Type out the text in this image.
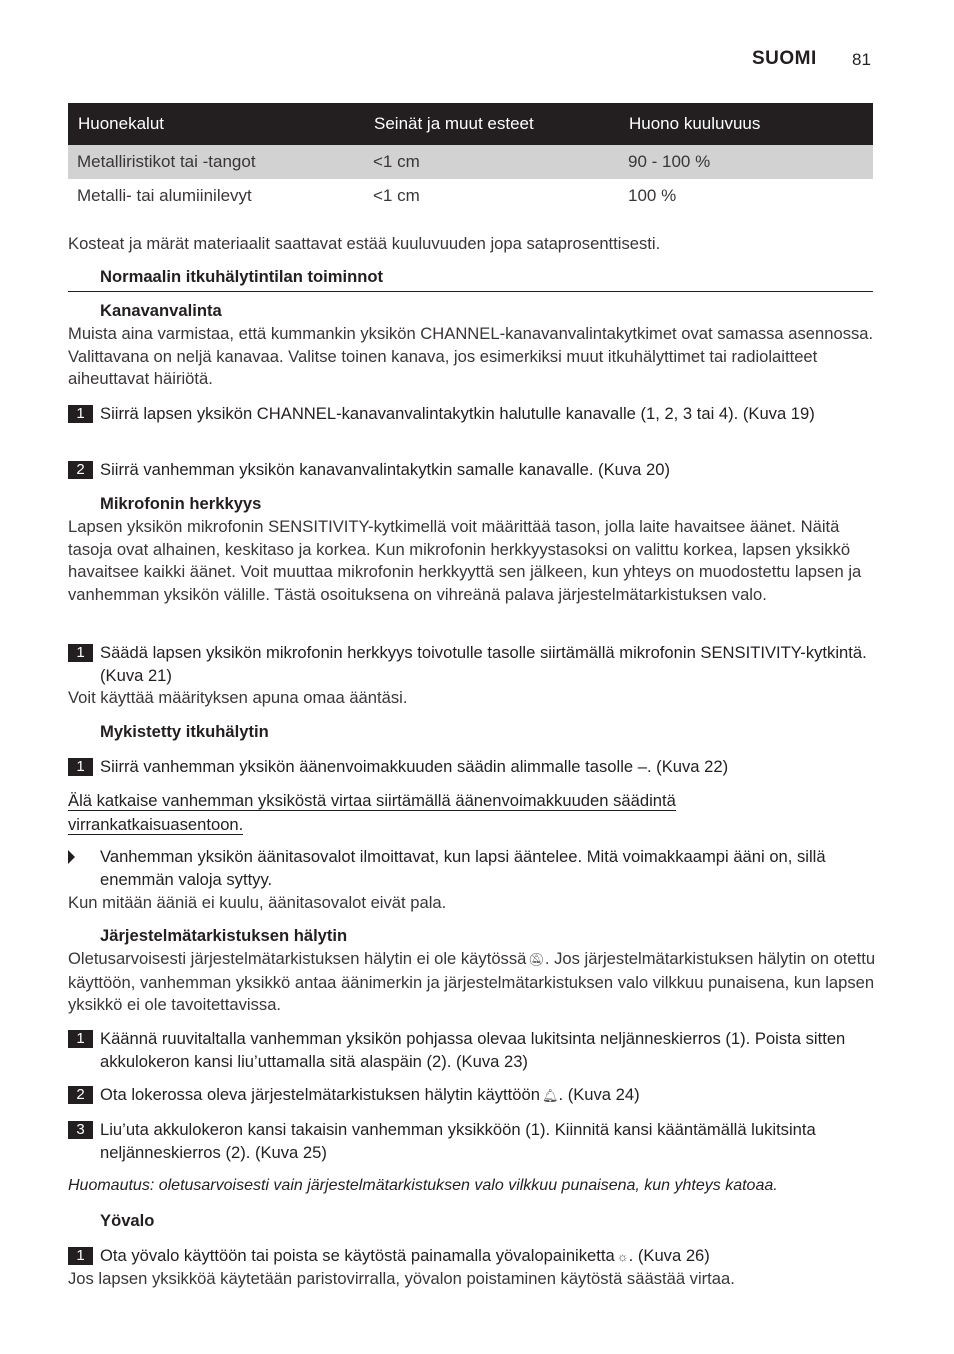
SUOMI 81
Huonekalut	Seinät ja muut esteet	Huono kuuluvuus
Metalliristikot tai -tangot	<1 cm	90 - 100 %
Metalli- tai alumiinilevyt	<1 cm	100 %
Kosteat ja märät materiaalit saattavat estää kuuluvuuden jopa sataprosenttisesti.
Normaalin itkuhälytintilan toiminnot
Kanavanvalinta
Muista aina varmistaa, että kummankin yksikön CHANNEL-kanavanvalintakytkimet ovat samassa asennossa. Valittavana on neljä kanavaa. Valitse toinen kanava, jos esimerkiksi muut itkuhälyttimet tai radiolaitteet aiheuttavat häiriötä.
1 Siirrä lapsen yksikön CHANNEL-kanavanvalintakytkin halutulle kanavalle (1, 2, 3 tai 4). (Kuva 19)
2 Siirrä vanhemman yksikön kanavanvalintakytkin samalle kanavalle. (Kuva 20)
Mikrofonin herkkyys
Lapsen yksikön mikrofonin SENSITIVITY-kytkimellä voit määrittää tason, jolla laite havaitsee äänet. Näitä tasoja ovat alhainen, keskitaso ja korkea. Kun mikrofonin herkkyystasoksi on valittu korkea, lapsen yksikkö havaitsee kaikki äänet. Voit muuttaa mikrofonin herkkyyttä sen jälkeen, kun yhteys on muodostettu lapsen ja vanhemman yksikön välille. Tästä osoituksena on vihreänä palava järjestelmätarkistuksen valo.
1 Säädä lapsen yksikön mikrofonin herkkyys toivotulle tasolle siirtämällä mikrofonin SENSITIVITY-kytkintä. (Kuva 21)
Voit käyttää määrityksen apuna omaa ääntäsi.
Mykistetty itkuhälytin
1 Siirrä vanhemman yksikön äänenvoimakkuuden säädin alimmalle tasolle –. (Kuva 22)
Älä katkaise vanhemman yksiköstä virtaa siirtämällä äänenvoimakkuuden säädintä virrankatkaisuasentoon.
Vanhemman yksikön äänitasovalot ilmoittavat, kun lapsi ääntelee. Mitä voimakkaampi ääni on, sillä enemmän valoja syttyy.
Kun mitään ääniä ei kuulu, äänitasovalot eivät pala.
Järjestelmätarkistuksen hälytin
Oletusarvoisesti järjestelmätarkistuksen hälytin ei ole käytössä 🔕︎. Jos järjestelmätarkistuksen hälytin on otettu käyttöön, vanhemman yksikkö antaa äänimerkin ja järjestelmätarkistuksen valo vilkkuu punaisena, kun lapsen yksikkö ei ole tavoitettavissa.
1 Käännä ruuvitaltalla vanhemman yksikön pohjassa olevaa lukitsinta neljänneskierros (1). Poista sitten akkulokeron kansi liu’uttamalla sitä alaspäin (2). (Kuva 23)
2 Ota lokerossa oleva järjestelmätarkistuksen hälytin käyttöön 🔔︎. (Kuva 24)
3 Liu’uta akkulokeron kansi takaisin vanhemman yksikköön (1). Kiinnitä kansi kääntämällä lukitsinta neljänneskierros (2). (Kuva 25)
Huomautus: oletusarvoisesti vain järjestelmätarkistuksen valo vilkkuu punaisena, kun yhteys katoaa.
Yövalo
1 Ota yövalo käyttöön tai poista se käytöstä painamalla yövalopainiketta ☼. (Kuva 26)
Jos lapsen yksikköä käytetään paristovirralla, yövalon poistaminen käytöstä säästää virtaa.
